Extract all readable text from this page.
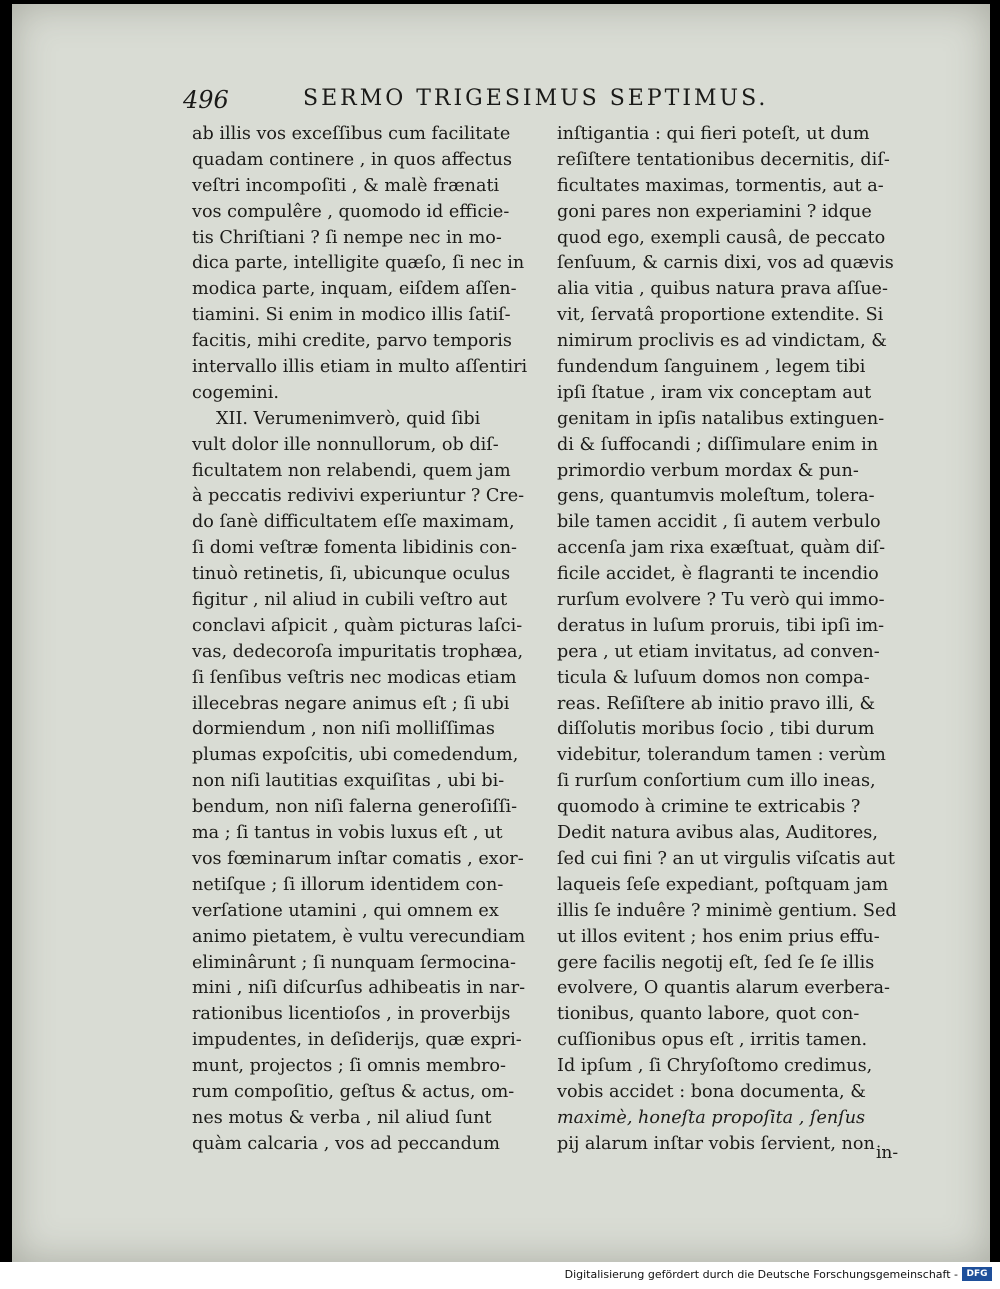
496	SERMO TRIGESIMUS SEPTIMUS.
ab illis vos exceſſibus cum facilitate
quadam continere , in quos affectus
veſtri incompoſiti , & malè frænati
vos compulêre , quomodo id efficie-
tis Chriſtiani ? ſi nempe nec in mo-
dica parte, intelligite quæſo, ſi nec in
modica parte, inquam, eiſdem aſſen-
tiamini. Si enim in modico illis ſatiſ-
facitis, mihi credite, parvo temporis
intervallo illis etiam in multo aſſentiri
cogemini.
XII. Verumenimverò, quid ſibi
vult dolor ille nonnullorum, ob diſ-
ficultatem non relabendi, quem jam
à peccatis redivivi experiuntur ? Cre-
do ſanè difficultatem eſſe maximam,
ſi domi veſtræ fomenta libidinis con-
tinuò retinetis, ſi, ubicunque oculus
figitur , nil aliud in cubili veſtro aut
conclavi aſpicit , quàm picturas laſci-
vas, dedecoroſa impuritatis trophæa,
ſi ſenſibus veſtris nec modicas etiam
illecebras negare animus eſt ; ſi ubi
dormiendum , non niſi molliſſimas
plumas expoſcitis, ubi comedendum,
non niſi lautitias exquiſitas , ubi bi-
bendum, non niſi falerna generoſiſſi-
ma ; ſi tantus in vobis luxus eſt , ut
vos fœminarum inſtar comatis , exor-
netiſque ; ſi illorum identidem con-
verſatione utamini , qui omnem ex
animo pietatem, è vultu verecundiam
eliminârunt ; ſi nunquam ſermocina-
mini , niſi diſcurſus adhibeatis in nar-
rationibus licentioſos , in proverbijs
impudentes, in deſiderijs, quæ expri-
munt, projectos ; ſi omnis membro-
rum compoſitio, geſtus & actus, om-
nes motus & verba , nil aliud ſunt
quàm calcaria , vos ad peccandum
inſtigantia : qui fieri poteſt, ut dum
reſiſtere tentationibus decernitis, diſ-
ficultates maximas, tormentis, aut a-
goni pares non experiamini ? idque
quod ego, exempli causâ, de peccato
ſenſuum, & carnis dixi, vos ad quævis
alia vitia , quibus natura prava aſſue-
vit, ſervatâ proportione extendite. Si
nimirum proclivis es ad vindictam, &
fundendum ſanguinem , legem tibi
ipſi ſtatue , iram vix conceptam aut
genitam in ipſis natalibus extinguen-
di & ſuffocandi ; diſſimulare enim in
primordio verbum mordax & pun-
gens, quantumvis moleſtum, tolera-
bile tamen accidit , ſi autem verbulo
accenſa jam rixa exæſtuat, quàm diſ-
ficile accidet, è flagranti te incendio
rurſum evolvere ? Tu verò qui immo-
deratus in luſum proruis, tibi ipſi im-
pera , ut etiam invitatus, ad conven-
ticula & luſuum domos non compa-
reas. Reſiſtere ab initio pravo illi, &
diſſolutis moribus ſocio , tibi durum
videbitur, tolerandum tamen : verùm
ſi rurſum conſortium cum illo ineas,
quomodo à crimine te extricabis ?
Dedit natura avibus alas, Auditores,
ſed cui fini ? an ut virgulis viſcatis aut
laqueis ſeſe expediant, poſtquam jam
illis ſe induêre ? minimè gentium. Sed
ut illos evitent ; hos enim prius effu-
gere facilis negotij eſt, ſed ſe ſe illis
evolvere, O quantis alarum everbera-
tionibus, quanto labore, quot con-
cuſſionibus opus eſt , irritis tamen.
Id ipſum , ſi Chryſoſtomo credimus,
vobis accidet : bona documenta, &
maximè, honeſta propoſita , ſenſus
pij alarum inſtar vobis ſervient, non in-
Digitalisierung gefördert durch die Deutsche Forschungsgemeinschaft - DFG
